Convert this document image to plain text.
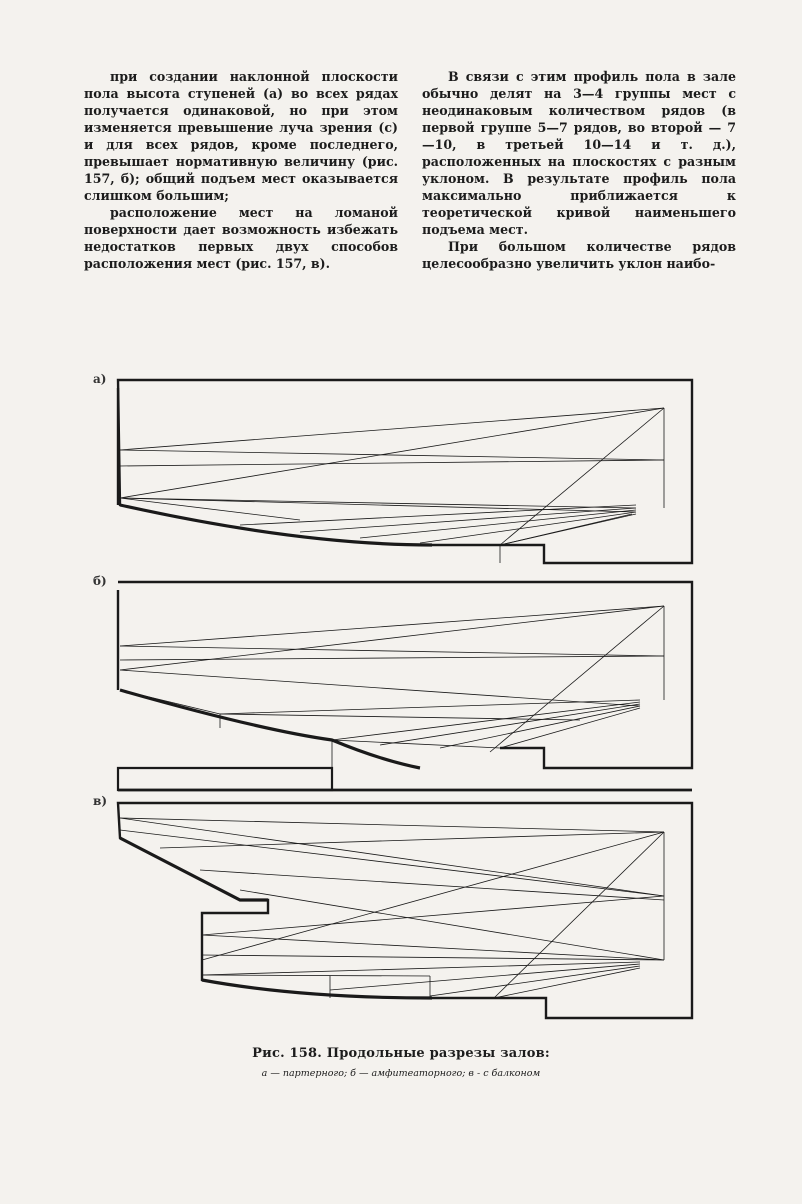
при создании наклонной плоскости пола высота ступеней (а) во всех рядах получается одинаковой, но при этом изменяется превышение луча зрения (с) и для всех рядов, кроме последнего, превышает нормативную величину (рис. 157, б); общий подъем мест оказывается слишком большим;

расположение мест на ломаной поверхности дает возможность избежать недостатков первых двух способов расположения мест (рис. 157, в).

В связи с этим профиль пола в зале обычно делят на 3—4 группы мест с неодинаковым количеством рядов (в первой группе 5—7 рядов, во второй — 7—10, в третьей 10—14 и т. д.), расположенных на плоскостях с разным уклоном. В результате профиль пола максимально приближается к теоретической кривой наименьшего подъема мест.

При большом количестве рядов целесообразно увеличить уклон наибо-

а)
б)
в)
Рис. 158. Продольные разрезы залов:
а — партерного; б — амфитеаторного; в - с балконом
